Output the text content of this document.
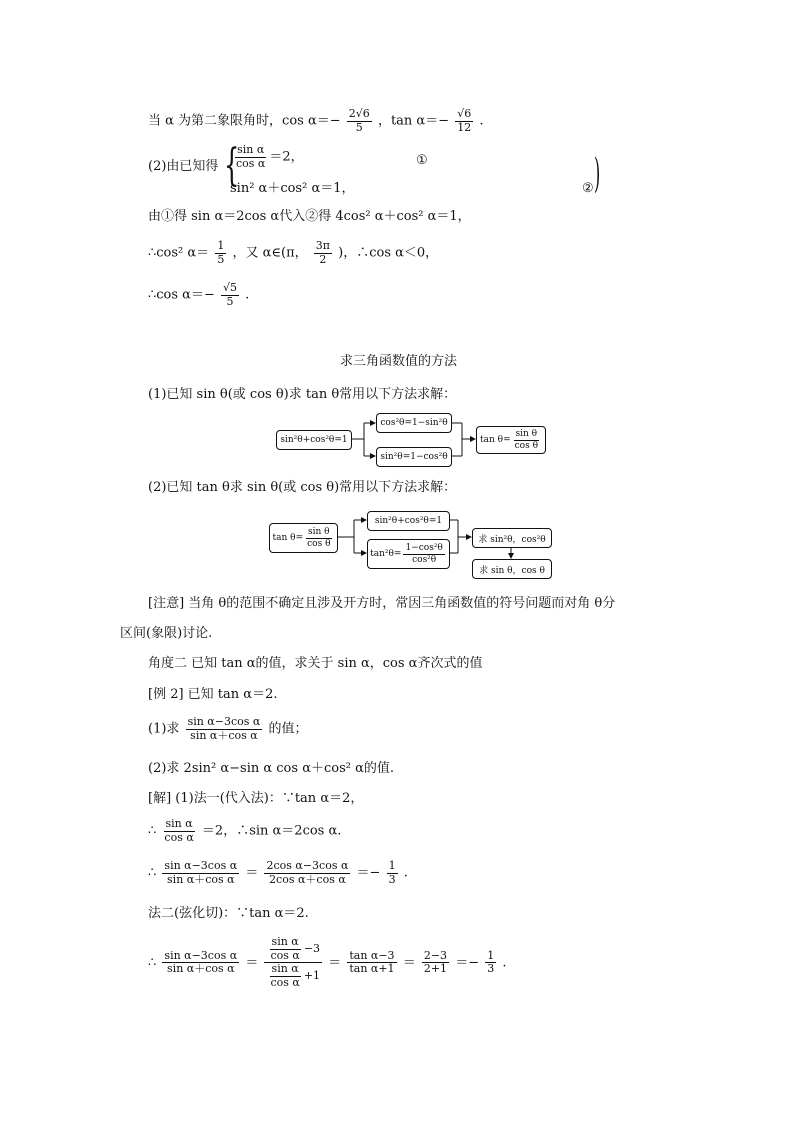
当 α 为第二象限角时，$\cos \alpha=- \frac{2√6}{5}$ ，$\tan \alpha=- \frac{√6}{12}$ .
(2)由已知得 {
$\frac{\text{sin α}}{\text{cos α}} =2$，	①
sin² α＋cos² α＝1，	② )
由①得 sin α＝2cos α代入②得 4cos² α＋cos² α＝1，
∴cos² $\alpha= \frac{1}{5}$ ，又 α∈(π， $\frac{3\pi}{2}$ )，∴cos α＜0，
∴cos $\alpha=- \frac{√5}{5}$ .
求三角函数值的方法
(1)已知 sin θ(或 cos θ)求 tan θ常用以下方法求解：
sin²θ+cos²θ=1
cos²θ=1−sin²θ
sin²θ=1−cos²θ
$\tan \theta= \frac{\text{sin θ}}{\text{cos θ}}$
(2)已知 tan θ求 sin θ(或 cos θ)常用以下方法求解：
$\tan \theta= \frac{\text{sin θ}}{\text{cos θ}}$
sin²θ+cos²θ=1
$\tan^2\theta= \frac{\text{1−cos²θ}}{\text{cos²θ}}$
求 sin²θ，cos²θ
求 sin θ，cos θ
[注意] 当角 θ的范围不确定且涉及开方时，常因三角函数值的符号问题而对角 θ分
区间(象限)讨论.
角度二 已知 tan α的值，求关于 sin α，cos α齐次式的值
[例 2] 已知 tan α＝2.
(1)求 $\frac{\text{sin α−3cos α}}{\text{sin α＋cos α}}$ 的值；
(2)求 2sin² α−sin α cos α＋cos² α的值.
[解] (1)法一(代入法)：∵tan α＝2，
∴ $\frac{\text{sin α}}{\text{cos α}} =2$，∴sin α＝2cos α.
∴ $\frac{\text{sin α−3cos α}}{\text{sin α＋cos α}} = \frac{\text{2cos α−3cos α}}{\text{2cos α＋cos α}} =- \frac{1}{3}$ .
法二(弦化切)：∵tan α＝2.
∴ $\frac{\text{sin α−3cos α}}{\text{sin α＋cos α}} = \frac{\frac{\text{sin α}}{\text{cos α}} -3}{\frac{\text{sin α}}{\text{cos α}} +1} = \frac{\text{tan α−3}}{\text{tan α+1}} = \frac{2-3}{2+1} =- \frac{1}{3}$ .
